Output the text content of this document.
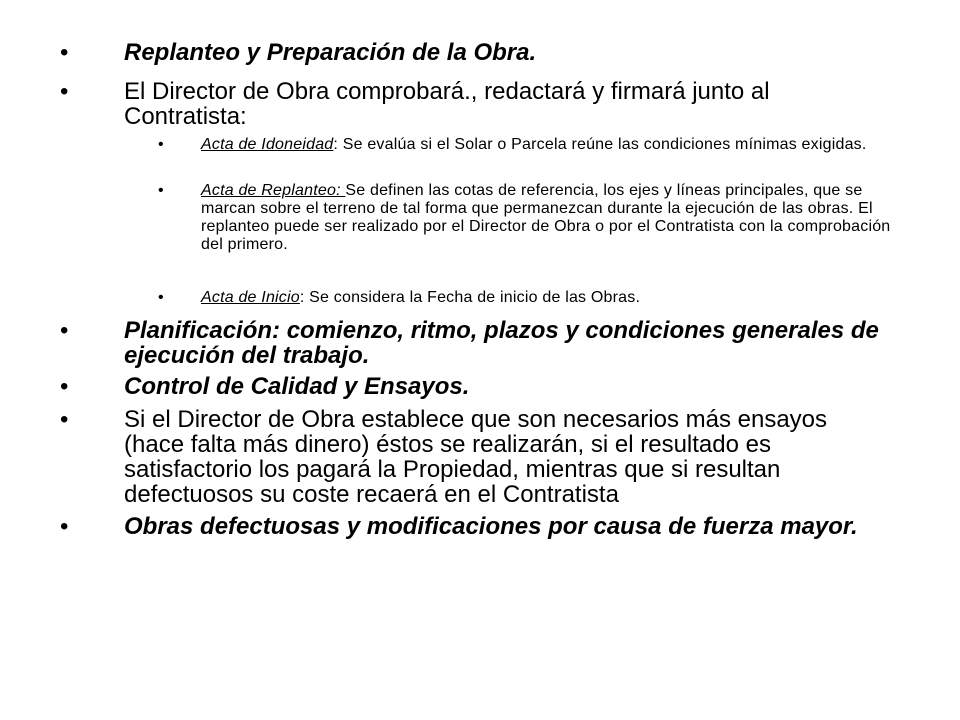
• Replanteo y Preparación de la Obra.
• El Director de Obra comprobará., redactará y firmará junto al Contratista:
• Acta de Idoneidad: Se evalúa si el Solar o Parcela reúne las condiciones mínimas exigidas.
• Acta de Replanteo: Se definen las cotas de referencia, los ejes y líneas principales, que se marcan sobre el terreno de tal forma que permanezcan durante la ejecución de las obras. El replanteo puede ser realizado por el Director de Obra o por el Contratista con la comprobación del primero.
• Acta de Inicio: Se considera la Fecha de inicio de las Obras.
• Planificación: comienzo, ritmo, plazos y condiciones generales de ejecución del trabajo.
• Control de Calidad y Ensayos.
• Si el Director de Obra establece que son necesarios más ensayos (hace falta más dinero) éstos se realizarán, si el resultado es satisfactorio los pagará la Propiedad, mientras que si resultan defectuosos su coste recaerá en el Contratista
• Obras defectuosas y modificaciones por causa de fuerza mayor.
